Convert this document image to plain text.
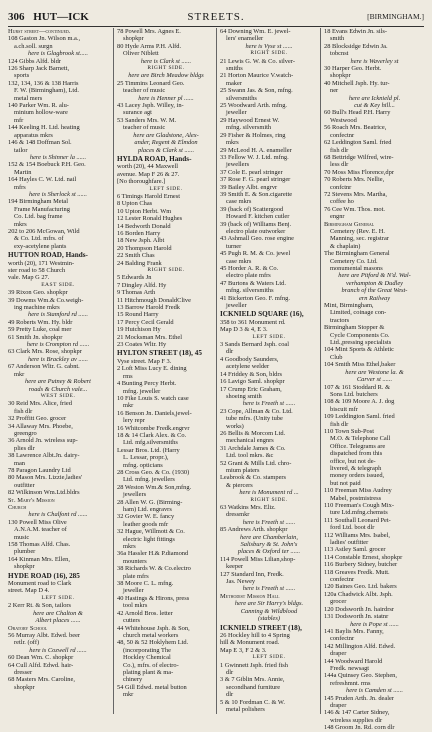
306 HUT—ICK	STREETS.	[BIRMINGHAM.]
Hurst street—continued.
108 Gaston Jn. Wilson m.a.,
a.ch.soll. surgn
here is Glagbrook st.....
124 Gibbs Alfd. bldr
126 Sharp Jack Barnett,
sports
132, 134, 136 & 138 Harris
F. W. (Birmingham), Ltd.
metal mers
140 Parker Wm. R. alu-
minium hollow-ware
mfr
144 Keeling H. Ltd. heating
apparatus mkrs
146 & 148 Doffman Sol.
tailor
here is Shinner la ......
152 & 154 Boebuck P.H. Geo.
Martin
164 Hayles C. W. Ltd. nail
mfrs
here is Sherlock st ......
194 Birmingham Metal
Frame Manufacturing
Co. Ltd. bag frame
mkrs
202 to 206 McGowan, Wild
& Co. Ltd. mfrs. of
exy-acetylene plants
HUTTON ROAD, Hands-
worth (20), 171 Westmin-
ster road to 58 Church
vale. Map G 27.
EAST SIDE.
39 Rixon Geo. shopkpr
39 Dowms Wm.& Co.weigh-
ing machine mkrs
here is Stamford rd ......
49 Roberts Wm. Hy. bldr
59 Pretty Luke, coal mer
61 Smith Jn. shopkpr
here is Crompton rd ......
63 Clark Mrs. Rose, shopkpr
here is Brackley av ......
67 Anderson Wltr. G. cabnt.
mkr
here are Putney & Robert
roads & Church vale...
WEST SIDE.
30 Reid Mrs. Alice, fried
fish dlr
32 Proffitt Geo. grocer
34 Allaway Mrs. Phoebe,
greengro
36 Arnold Jn. wireless sup-
plies dlr
38 Lawrence Albt.Jn. dairy-
man
78 Paragon Laundry Ltd
80 Mason Mrs. Lizzie,ladies'
outfitter
82 Wilkinson Wm.Ltd.bldrs
St. Mary's Mission
Church
here is Chalfont rd ......
130 Powell Miss Olive
A.N.A.M. teacher of
music
158 Thomas Alfd. Chas.
plumber
164 Kinman Mrs. Ellen,
shopkpr
HYDE ROAD (16), 285
Monument road to Clark
street. Map D 4.
LEFT SIDE.
2 Kerr Rt. & Son, tailors
here are Chalton &
Albert places ......
Oratory School
56 Murray Albt. Edwd. beer
retlr. (off)
here is Cozwell rd ......
60 Dean Wm. C. shopkpr
64 Cull Alfd. Edwd. hair-
dresser
68 Masters Mrs. Caroline,
shopkpr
78 Powell Mrs. Agnes E.
shopkpr
80 Hyde Arms P.H. Alfd.
Oliver Niblett
here is Clark st ......
RIGHT SIDE.
here are Birch Meadow bldgs
25 Timmins Leonard Geo.
teacher of music
here is Henner pl ......
43 Lacey Jsph. Willey, in-
surance agt
53 Sanders Mrs. W. M.
teacher of music
here are Gladstone, Alex-
ander, Regent & Elmdon
places & Clark st ......
HYLDA ROAD, Hands-
worth (20), 44 Maxwell
avenue. Map F 26 & 27.
[No thoroughfare.]
LEFT SIDE.
6 Timings Harold Ernest
8 Upton Chas
10 Upton Herbt. Wm
12 Lester Ronald Hughes
14 Bedworth Donald
16 Borden Harry
18 New Jsph. Albt
20 Thompson Harold
22 Smith Chas
24 Balding Frank
RIGHT SIDE.
5 Edwards Jn
7 Dingley Alfd. Hy
9 Thomas Arth
11 Hitchmough DonaldClive
13 Barrow Harold Fredk
15 Round Harry
17 Percy Cecil Gerald
19 Hutchison Hy
21 Mocksman Mrs. Ethel
23 Coates Wltr. Hy
HYLTON STREET (18), 45
Vyse street. Map F 3.
2 Loft Miss Lucy E. dining
rms
4 Bunting Percy Herbt.
mfng. jeweller
10 Fike Louis S. watch case
mkr
16 Benson Jn. Daniels,jewel-
lery repr
16 Whitcombe Fredk.engrvr
18 & 14 Clark Alex. & Co.
Ltd. mfg.silversmiths
Lessar Bros. Ltd. (Harry
L. Lessar, propr.),
mfng. opticians
28 Cross Geo. & Co. (1930)
Ltd. mfng. jewellers
28 Weston Wm.& Son,mfng.
jewellers
28 Allen W. G. (Birming-
ham) Ltd. engravrs
32 Govier W. E. fancy
leather goods mfr
32 Hague, Willmott & Co.
electric light fittings
mkrs
36a Hassler H.& P.diamond
mounters
38 Richards W. & Co.electro
plate mfrs
38 Moore C. L. mfng.
jeweller
40 Hastings & Hirons, press
tool mkrs
42 Arnold Bros. letter
cutters
44 Whitehouse Jsph. & Son,
church metal workers
48, 50 & 52 Hoklyhem Ltd.
(incorporating The
Hockley Chemical
Co.), mfrs. of electro-
plating plant & ma-
chinery
54 Gill Edwd. metal button
mkr
64 Downing Wm. E. jewel-
lers' enameller
here is Vyse st ......
RIGHT SIDE.
21 Lewis G. W. & Co. silver-
smiths
21 Horton Maurice V.watch-
maker
25 Swann Jas. & Son, mfng.
silversmiths
25 Woodward Arth. mfng.
jeweller
29 Haywood Ernest W.
mfng. silversmith
29 Fisher & Holmes, ring
mkrs
29 McLeod H. A. enameller
33 Fellow W. J. Ltd. mfng.
jewellers
37 Cole E. pearl stringer
37 Rose F. G. pearl stringer
39 Bailey Albt. engrvr
39 Smith E. & Son.cigarette
case mkrs
39 (back of) Scattergood
Howard F. kitchen cutler
39 (back of) Williams Benj.
electro plate outworker
43 Ashmall Geo. rose engine
turner
45 Pugh R. M. & Co. jewel
case mkrs
45 Horder A. R. & Co.
electro plate mfrs
47 Burtons & Waters Ltd.
mfng. silversmiths
41 Bickerton Geo. F. mfng.
jeweller
ICKNIELD SQUARE (16),
358 to 361 Monument rd.
Map D 3 & 4, E 3.
LEFT SIDE.
3 Sands Bernard Jsph. coal
dlr
4 Goodbody Saunders,
acetylene welder
14 Friddey & Son, bldrs
16 Lavigo Saml. shopkpr
17 Crump Eric Graham,
shoeing smith
here is Freeth st ......
23 Cope, Allman & Co. Ltd.
tube mfrs. (Unity tube
works)
26 Bellis & Morcom Ltd.
mechanical engnrs
31 Archdale James & Co.
Ltd. tool mkrs. &c
52 Grant & Mills Ltd. chro-
mium platers
Leabrook & Co. stampers
& piercers
here is Monument rd ...
RIGHT SIDE.
63 Watkins Mrs. Eliz.
dressmkr
here is Freeth st ......
85 Andrews Arth. shopkpr
here are Chamberlain,
Salisbury & St. John's
places & Oxford ter ......
114 Powell Miss Lilian,shop-
keeper
127 Standard Inn, Fredk.
Jas. Newey
here is Freeth st ......
Methodist Mission Hall
here are Sir Harry's bldgs.
Canning & Wildblood
(stables)
ICKNIELD STREET (18),
26 Hockley hill to 4 Spring
hill & Monument road.
Map E 3, F 2 & 3.
LEFT SIDE.
1 Gwinnett Jsph. fried fish
dlr
3 & 7 Giblin Mrs. Annie,
secondhand furniture
dlr
5 & 10 Fordman C. & W.
metal polishers
18 Evans Edwin Jn. sils-
smith
28 Blocksidge Edwin Ja.
tobcnst
here is Waverley st
30 Harper Geo. Herbt.
shopkpr
40 Mitchell Jsph. Hy. tur-
ner
here are Icknield pl.
cut & Key hill...
60 Bull's Head P.H. Harry
Westwood
56 Roach Mrs. Beatrice,
confectnr
62 Leddington Saml. fried
fish dlr
68 Bettridge Wilfred, wire-
less dlr
70 Moss Miss Florence,dpr
70 Roberts Mrs. Nellie,
confctnr
72 Stevens Mrs. Martha,
coffee ho
76 Cee Wm. Thos. mot.
engnr
Birmingham General
Cemetery (Rev. E. H.
Manning, sec. registrar
& chaplain)
The Birmingham General
Cemetery Co. Ltd.
monumental masons
here are Pitford & N'd. Wal-
verhampton & Dudley
branch of the Great West-
ern Railway
Mint, Birmingham,
Limited, coinage con-
tractors
Birmingham Stopper &
Cycle Components Co.
Ltd.,pressing specialists
104 Mint Sports & Athletic
Club
104 Smith Miss Ethel,baker
here are Westone la. &
Carver st ......
107 & 161 Stoddard R. &
Sons Ltd. butchers
108 & 109 Moore A. J. dog
biscuit mfr
109 Leddington Saml. fried
fish dlr
110 Town Sub-Post
M.O. & Telephone Call
Office. Telegrams are
dispatched from this
office, but not de-
livered, & telegraph
money orders issued,
but not paid
110 Freeman Miss Audrey
Mabel, postmistress
110 Freeman's Cough Mix-
ture Ltd.mfng.chemsts
111 Southall Leonard Pet-
ford Ltd. boot dlr
112 Williams Mrs. Isabel,
ladies' outfitter
113 Astley Saml. grocer
114 Constable Ernest, shopkpr
116 Burbery Sidney, butcher
118 Greaves Fredk. Mutt.
confectnr
120 Baines Geo. Ltd. bakers
120a Chadwick Albt. Jsph.
grocer
120 Dodsworth Jn. hairdrsr
131 Dodsworth Jn. statnr
here is Pope st ......
141 Baylis Mrs. Fanny,
confectnr
142 Millington Alfd. Edwd.
draper
144 Woodward Harold
Fredk. newsagt
144a Quinsey Geo. Stephen,
refreshmnt. rms
here is Camden st ......
145 Pruden Arth. Jn. dealer
draper
146 & 147 Carter Sidney,
wireless supplies dlr
148 Groom Jn. Rd. corn dlr
